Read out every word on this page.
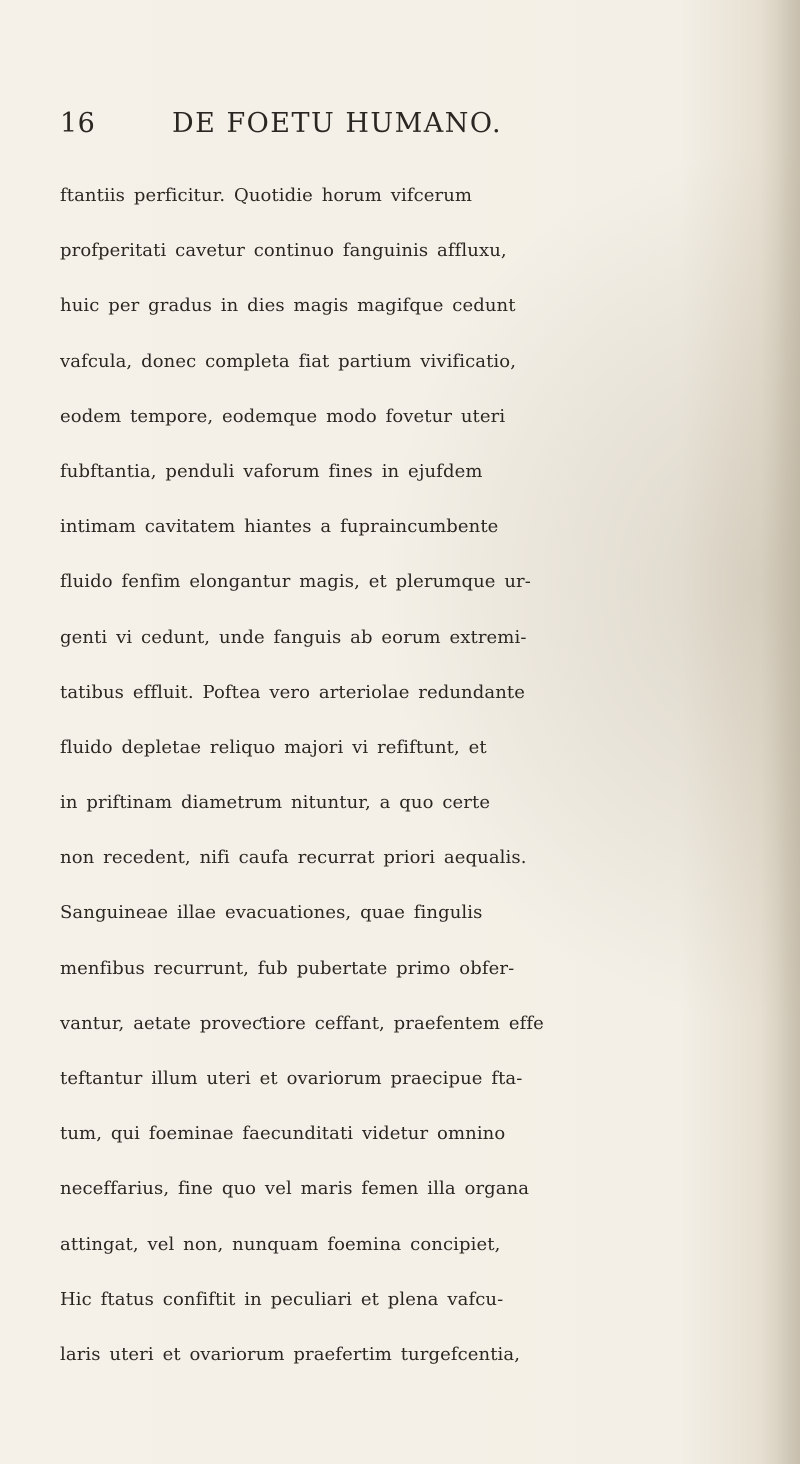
16	DE FOETU HUMANO.
ftantiis perficitur. Quotidie horum vifcerum
profperitati cavetur continuo fanguinis affluxu,
huic per gradus in dies magis magifque cedunt
vafcula, donec completa fiat partium vivificatio,
eodem tempore, eodemque modo fovetur uteri
fubftantia, penduli vaforum fines in ejufdem
intimam cavitatem hiantes a fupraincumbente
fluido fenfim elongantur magis, et plerumque ur-
genti vi cedunt, unde fanguis ab eorum extremi-
tatibus effluit. Poftea vero arteriolae redundante
fluido depletae reliquo majori vi refiftunt, et
in priftinam diametrum nituntur, a quo certe
non recedent, nifi caufa recurrat priori aequalis.
Sanguineae illae evacuationes, quae fingulis
menfibus recurrunt, fub pubertate primo obfer-
vantur, aetate proveƈtiore ceffant, praefentem effe
teftantur illum uteri et ovariorum praecipue fta-
tum, qui foeminae faecunditati videtur omnino
neceffarius, fine quo vel maris femen illa organa
attingat, vel non, nunquam foemina concipiet,
Hic ftatus confiftit in peculiari et plena vafcu-
laris uteri et ovariorum praefertim turgefcentia,
